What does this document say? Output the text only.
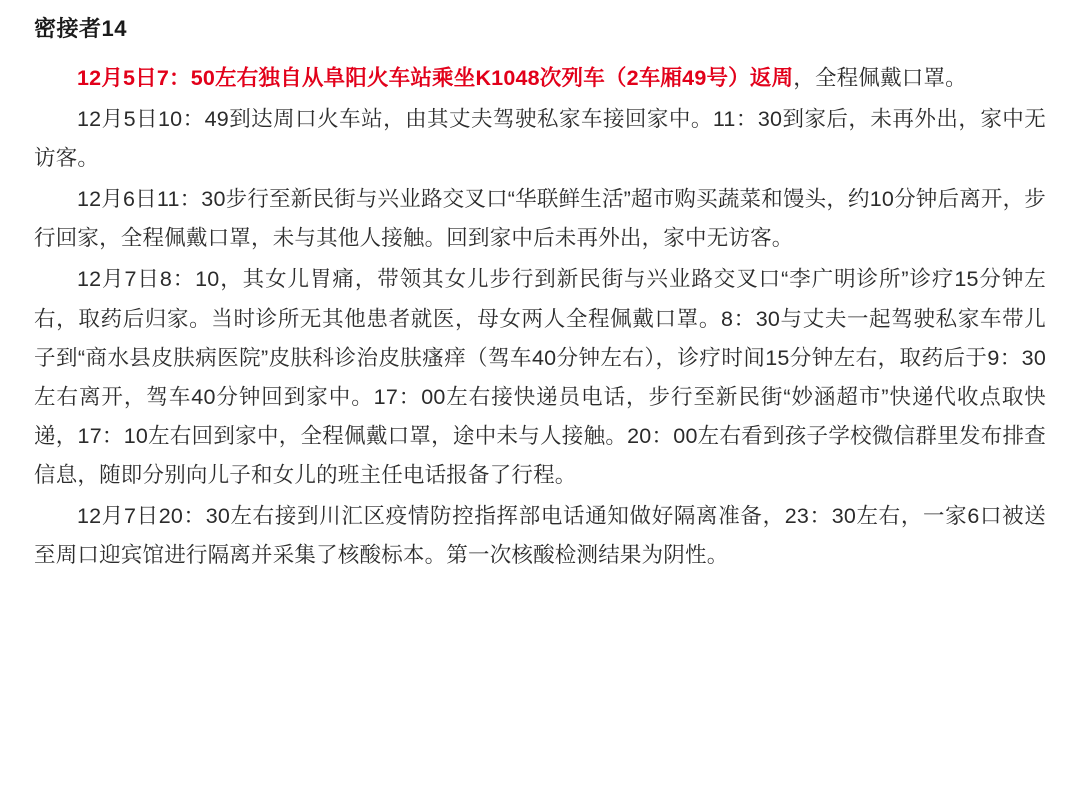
密接者14

12月5日7：50左右独自从阜阳火车站乘坐K1048次列车（2车厢49号）返周，全程佩戴口罩。

12月5日10：49到达周口火车站，由其丈夫驾驶私家车接回家中。11：30到家后，未再外出，家中无访客。

12月6日11：30步行至新民街与兴业路交叉口“华联鲜生活”超市购买蔬菜和馒头，约10分钟后离开，步行回家，全程佩戴口罩，未与其他人接触。回到家中后未再外出，家中无访客。

12月7日8：10，其女儿胃痛，带领其女儿步行到新民街与兴业路交叉口“李广明诊所”诊疗15分钟左右，取药后归家。当时诊所无其他患者就医，母女两人全程佩戴口罩。8：30与丈夫一起驾驶私家车带儿子到“商水县皮肤病医院”皮肤科诊治皮肤瘙痒（驾车40分钟左右），诊疗时间15分钟左右，取药后于9：30左右离开，驾车40分钟回到家中。17：00左右接快递员电话，步行至新民街“妙涵超市”快递代收点取快递，17：10左右回到家中，全程佩戴口罩，途中未与人接触。20：00左右看到孩子学校微信群里发布排查信息，随即分别向儿子和女儿的班主任电话报备了行程。

12月7日20：30左右接到川汇区疫情防控指挥部电话通知做好隔离准备，23：30左右，一家6口被送至周口迎宾馆进行隔离并采集了核酸标本。第一次核酸检测结果为阴性。
